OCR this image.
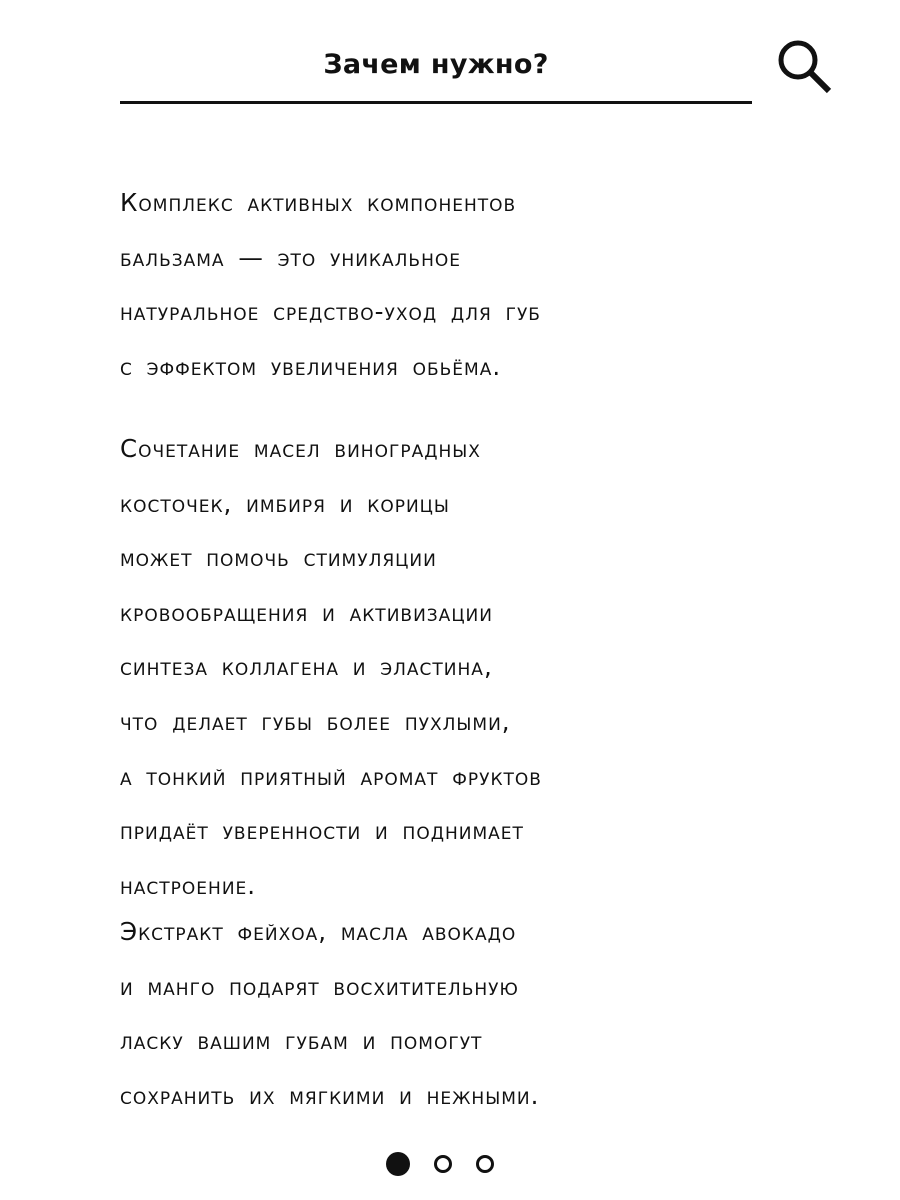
Зачем нужно?

Комплекс активных компонентов
бальзама — это уникальное
натуральное средство-уход для губ
с эффектом увеличения обьёма.

Сочетание масел виноградных
косточек, имбиря и корицы
может помочь стимуляции
кровообращения и активизации
синтеза коллагена и эластина,
что делает губы более пухлыми,
а тонкий приятный аромат фруктов
придаёт уверенности и поднимает
настроение.

Экстракт фейхоа, масла авокадо
и манго подарят восхитительную
ласку вашим губам и помогут
сохранить их мягкими и нежными.
